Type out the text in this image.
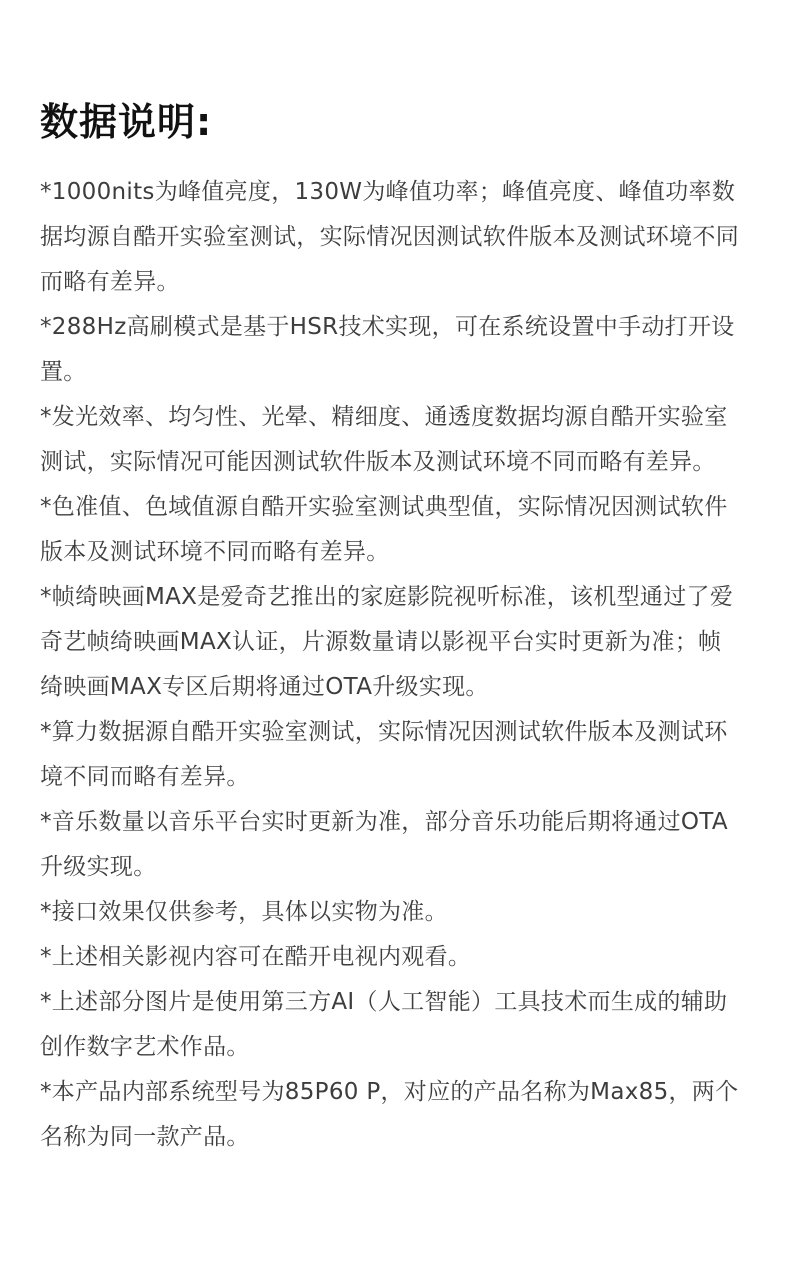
数据说明:
*1000nits为峰值亮度，130W为峰值功率；峰值亮度、峰值功率数据均源自酷开实验室测试，实际情况因测试软件版本及测试环境不同而略有差异。
*288Hz高刷模式是基于HSR技术实现，可在系统设置中手动打开设置。
*发光效率、均匀性、光晕、精细度、通透度数据均源自酷开实验室测试，实际情况可能因测试软件版本及测试环境不同而略有差异。
*色准值、色域值源自酷开实验室测试典型值，实际情况因测试软件版本及测试环境不同而略有差异。
*帧绮映画MAX是爱奇艺推出的家庭影院视听标准，该机型通过了爱奇艺帧绮映画MAX认证，片源数量请以影视平台实时更新为准；帧绮映画MAX专区后期将通过OTA升级实现。
*算力数据源自酷开实验室测试，实际情况因测试软件版本及测试环境不同而略有差异。
*音乐数量以音乐平台实时更新为准，部分音乐功能后期将通过OTA升级实现。
*接口效果仅供参考，具体以实物为准。
*上述相关影视内容可在酷开电视内观看。
*上述部分图片是使用第三方AI（人工智能）工具技术而生成的辅助创作数字艺术作品。
*本产品内部系统型号为85P60 P，对应的产品名称为Max85，两个名称为同一款产品。
